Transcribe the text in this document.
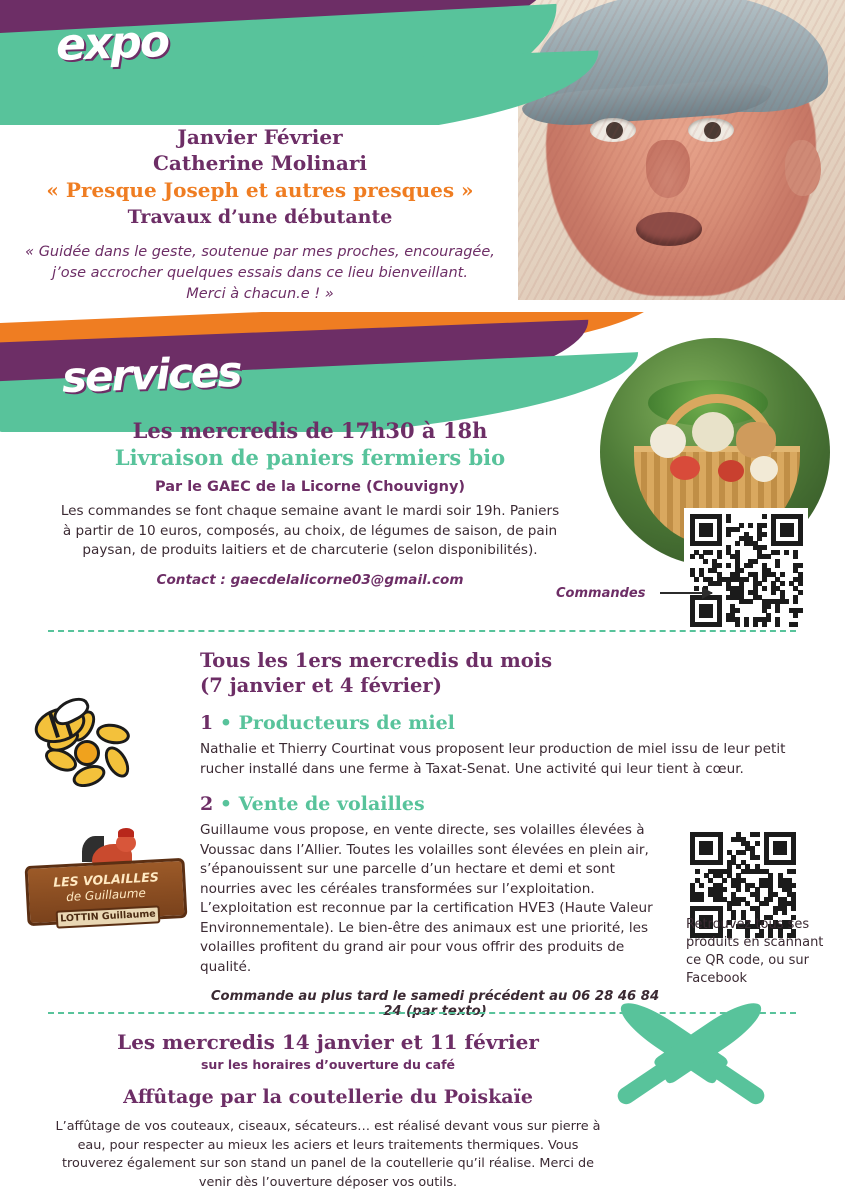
expo
Janvier Février
Catherine Molinari
« Presque Joseph et autres presques »
Travaux d’une débutante
« Guidée dans le geste, soutenue par mes proches, encouragée,
j’ose accrocher quelques essais dans ce lieu bienveillant.
Merci à chacun.e ! »
services
Les mercredis de 17h30 à 18h
Livraison de paniers fermiers bio
Par le GAEC de la Licorne (Chouvigny)
Les commandes se font chaque semaine avant le mardi soir 19h. Paniers à partir de 10 euros, composés, au choix, de légumes de saison, de pain paysan, de produits laitiers et de charcuterie (selon disponibilités).
Contact : gaecdelalicorne03@gmail.com
Commandes
Tous les 1ers mercredis du mois
(7 janvier et 4 février)
1 • Producteurs de miel
Nathalie et Thierry Courtinat vous proposent leur production de miel issu de leur petit rucher installé dans une ferme à Taxat-Senat. Une activité qui leur tient à cœur.
2 • Vente de volailles
Guillaume vous propose, en vente directe, ses volailles élevées à Voussac dans l’Allier. Toutes les volailles sont élevées en plein air, s’épanouissent sur une parcelle d’un hectare et demi et sont nourries avec les céréales transformées sur l’exploitation. L’exploitation est reconnue par la certification HVE3 (Haute Valeur Environnementale). Le bien-être des animaux est une priorité, les volailles profitent du grand air pour vous offrir des produits de qualité.
Commande au plus tard le samedi précédent au 06 28 46 84 24 (par texto)
LES VOLAILLES
de Guillaume
LOTTIN Guillaume
Retrouvez tous ses produits en scannant ce QR code, ou sur Facebook
Les mercredis 14 janvier et 11 février
sur les horaires d’ouverture du café
Affûtage par la coutellerie du Poiskaïe
L’affûtage de vos couteaux, ciseaux, sécateurs… est réalisé devant vous sur pierre à eau, pour respecter au mieux les aciers et leurs traitements thermiques. Vous trouverez également sur son stand un panel de la coutellerie qu’il réalise. Merci de venir dès l’ouverture déposer vos outils.
